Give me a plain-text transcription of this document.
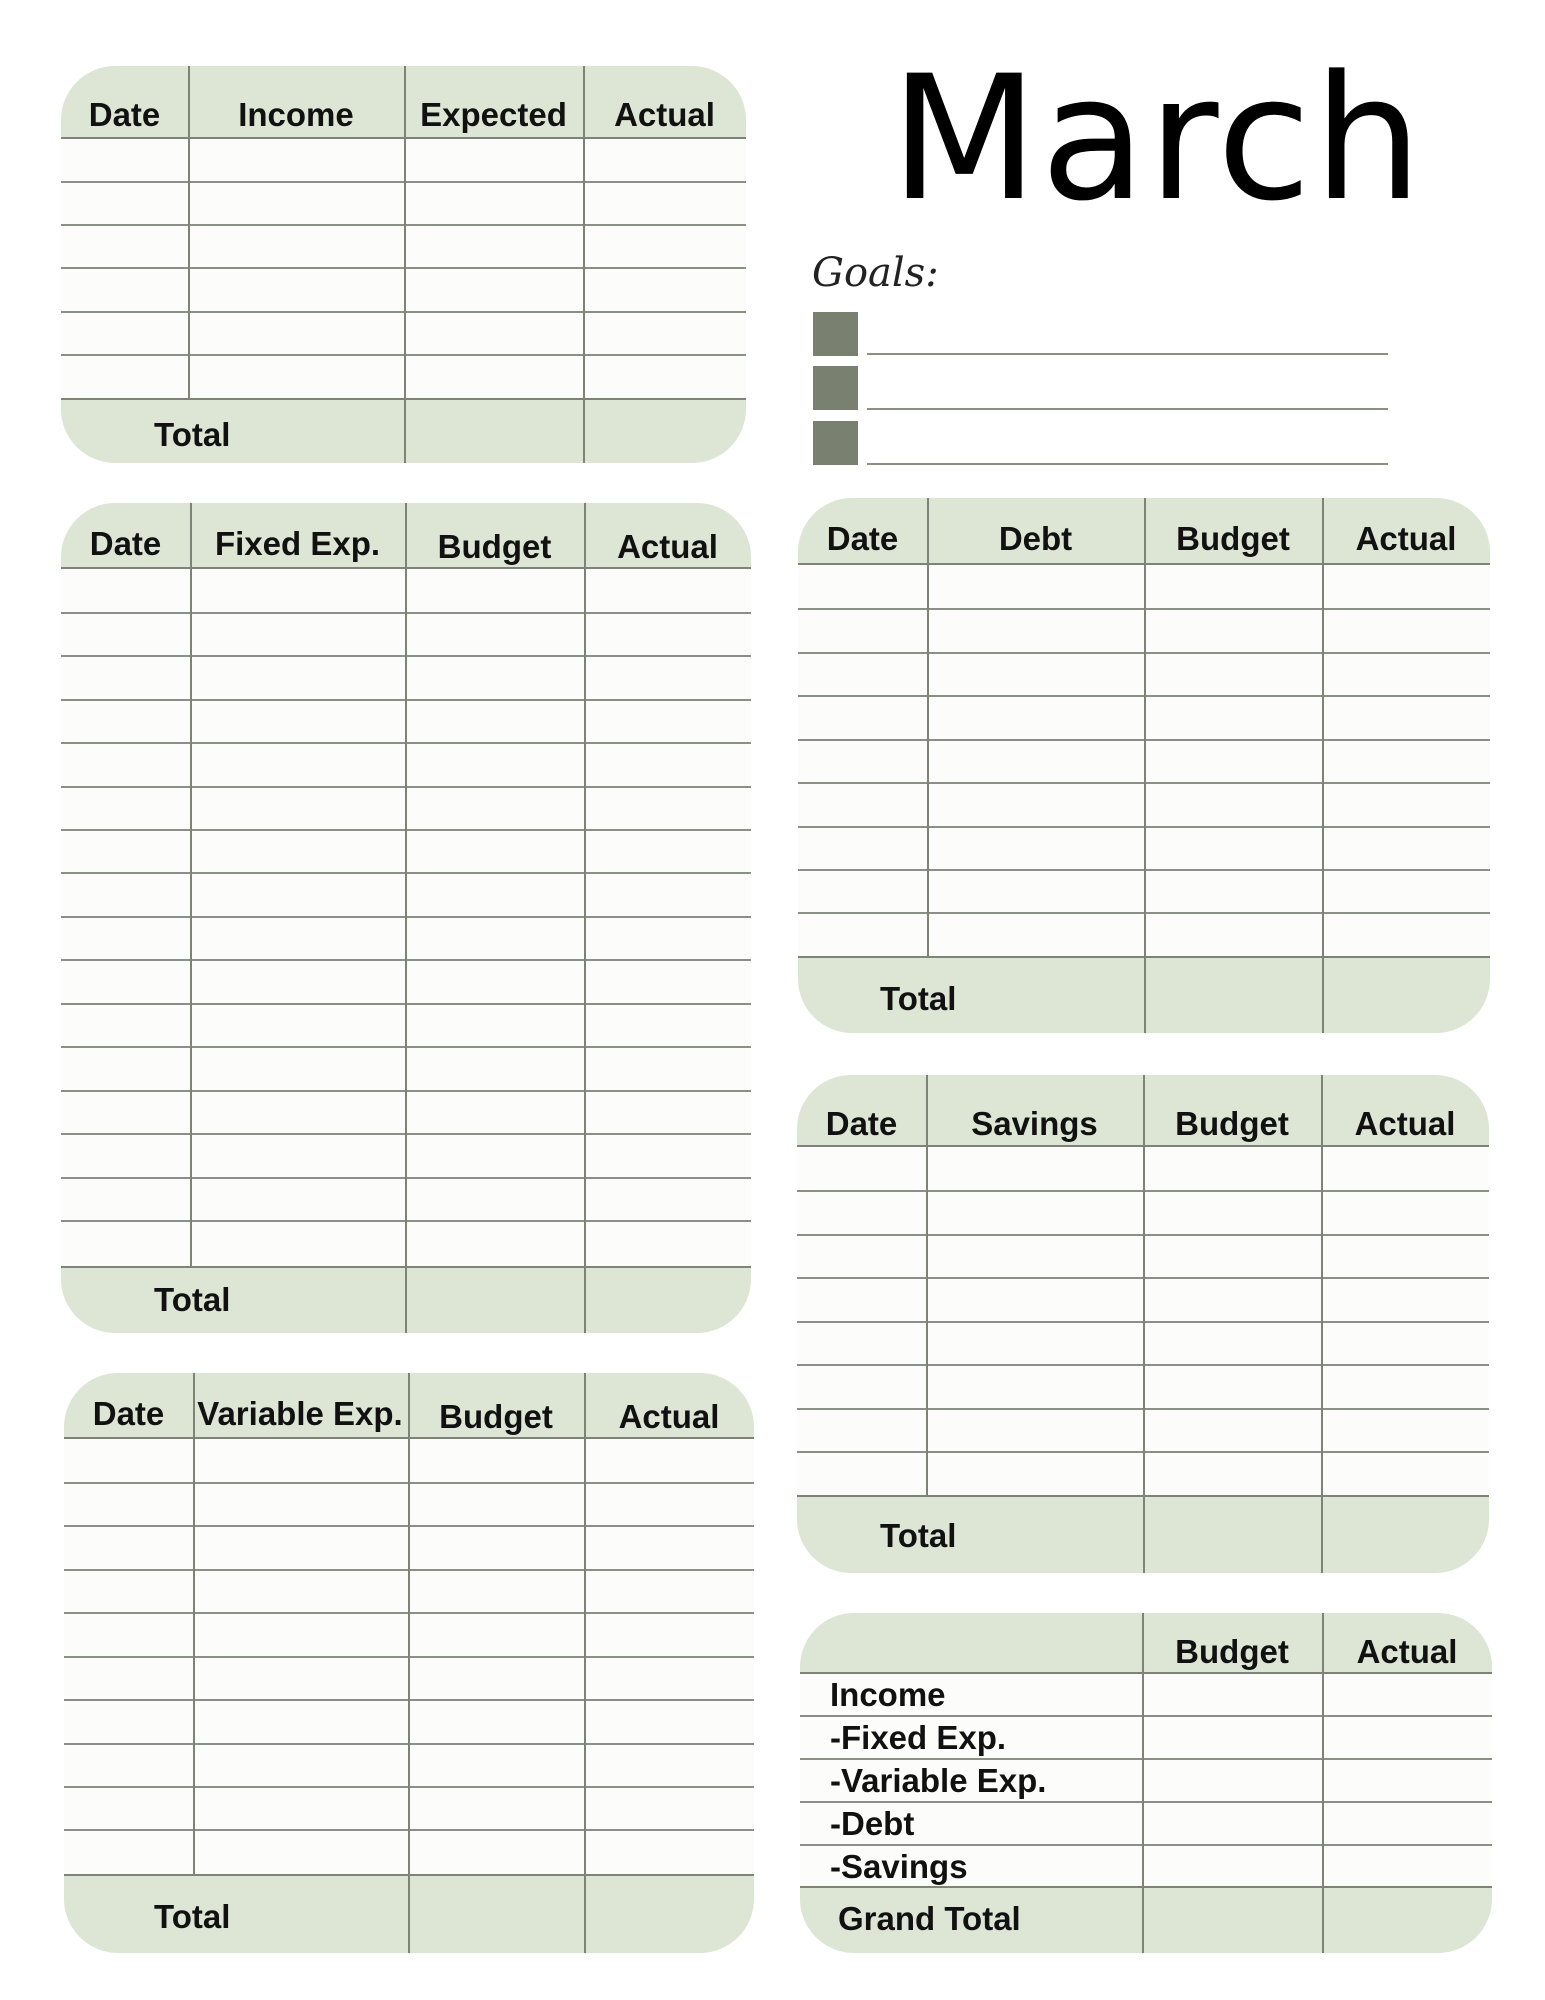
March
Goals:
Date	Income	Expected	Actual
Total
Date	Fixed Exp.	Budget	Actual
Total
Date	Variable Exp.	Budget	Actual
Total
Date	Debt	Budget	Actual
Total
Date	Savings	Budget	Actual
Total
Budget	Actual
Income
-Fixed Exp.
-Variable Exp.
-Debt
-Savings
Grand Total
